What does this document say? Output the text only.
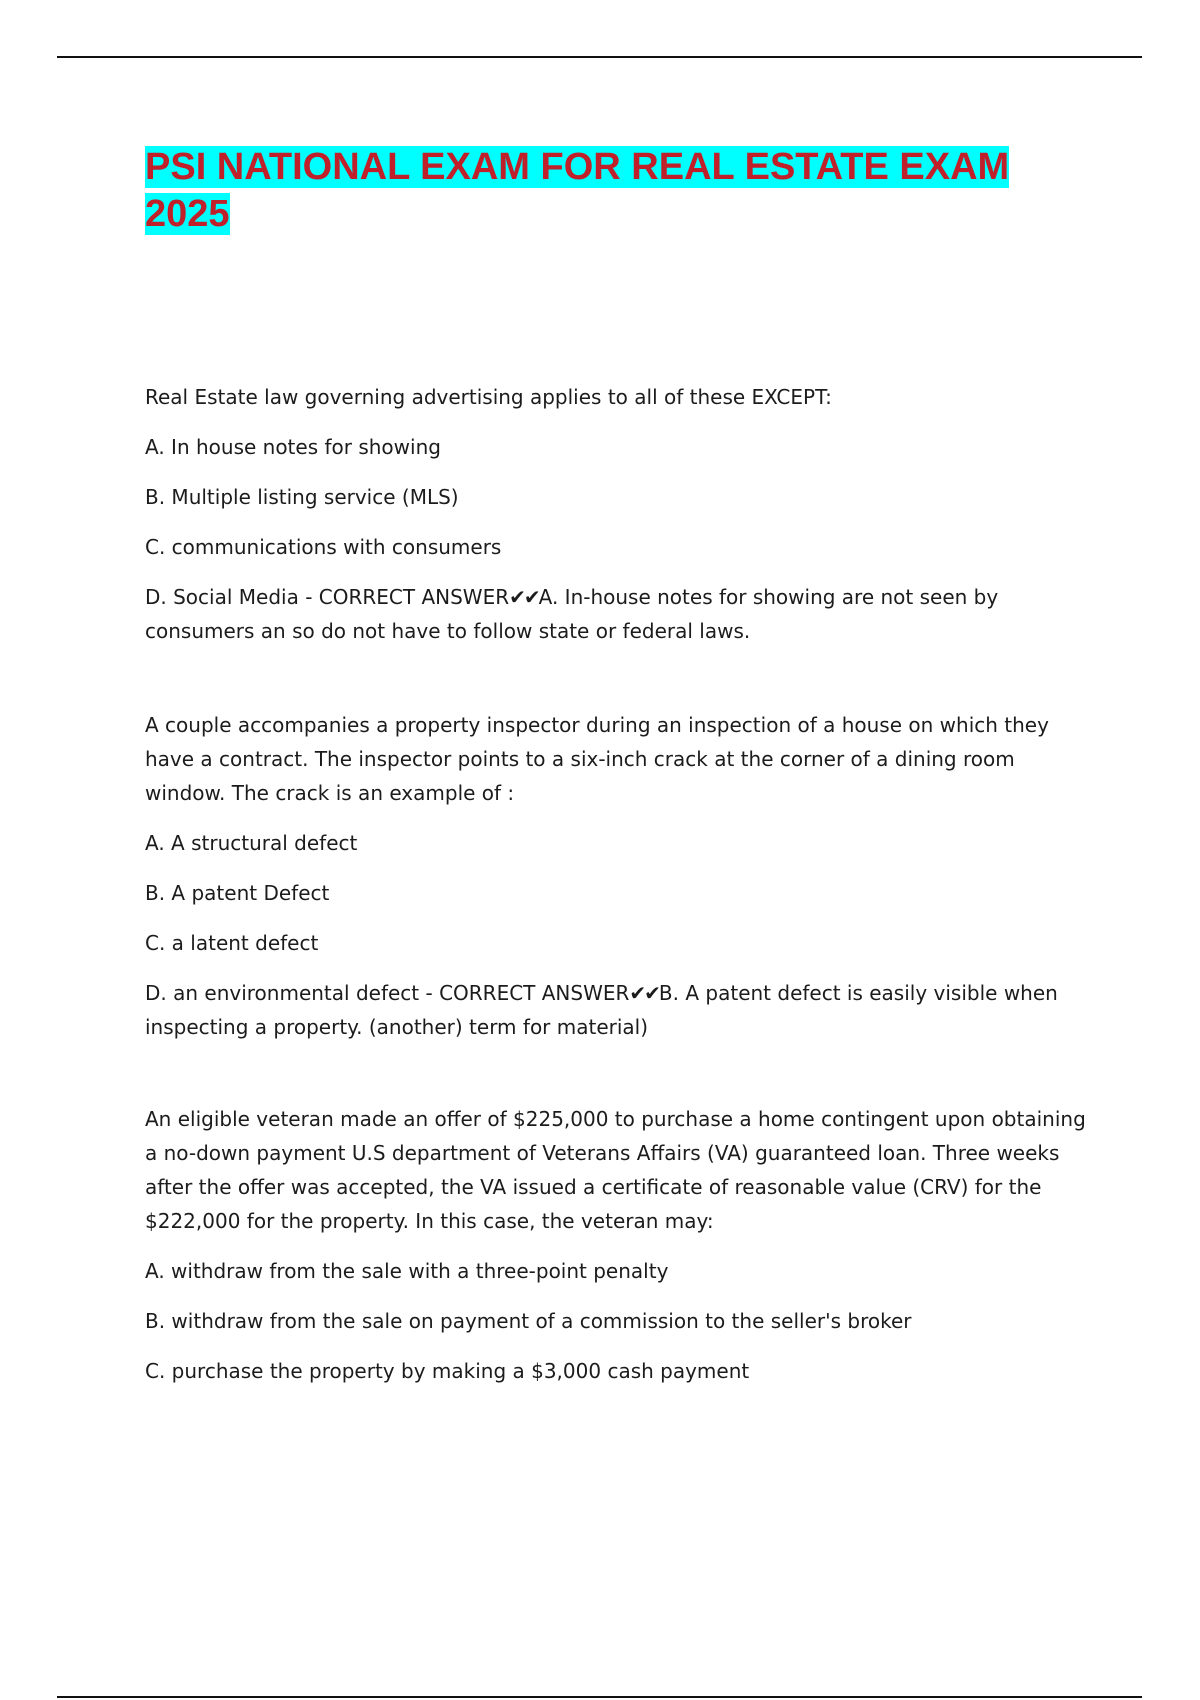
PSI NATIONAL EXAM FOR REAL ESTATE EXAM 2025

Real Estate law governing advertising applies to all of these EXCEPT:

A. In house notes for showing

B. Multiple listing service (MLS)

C. communications with consumers

D. Social Media - CORRECT ANSWER✔✔A. In-house notes for showing are not seen by consumers an so do not have to follow state or federal laws.

A couple accompanies a property inspector during an inspection of a house on which they have a contract. The inspector points to a six-inch crack at the corner of a dining room window. The crack is an example of :

A. A structural defect

B. A patent Defect

C. a latent defect

D. an environmental defect - CORRECT ANSWER✔✔B. A patent defect is easily visible when inspecting a property. (another) term for material)

An eligible veteran made an offer of $225,000 to purchase a home contingent upon obtaining a no-down payment U.S department of Veterans Affairs (VA) guaranteed loan. Three weeks after the offer was accepted, the VA issued a certificate of reasonable value (CRV) for the $222,000 for the property. In this case, the veteran may:

A. withdraw from the sale with a three-point penalty

B. withdraw from the sale on payment of a commission to the seller's broker

C. purchase the property by making a $3,000 cash payment
